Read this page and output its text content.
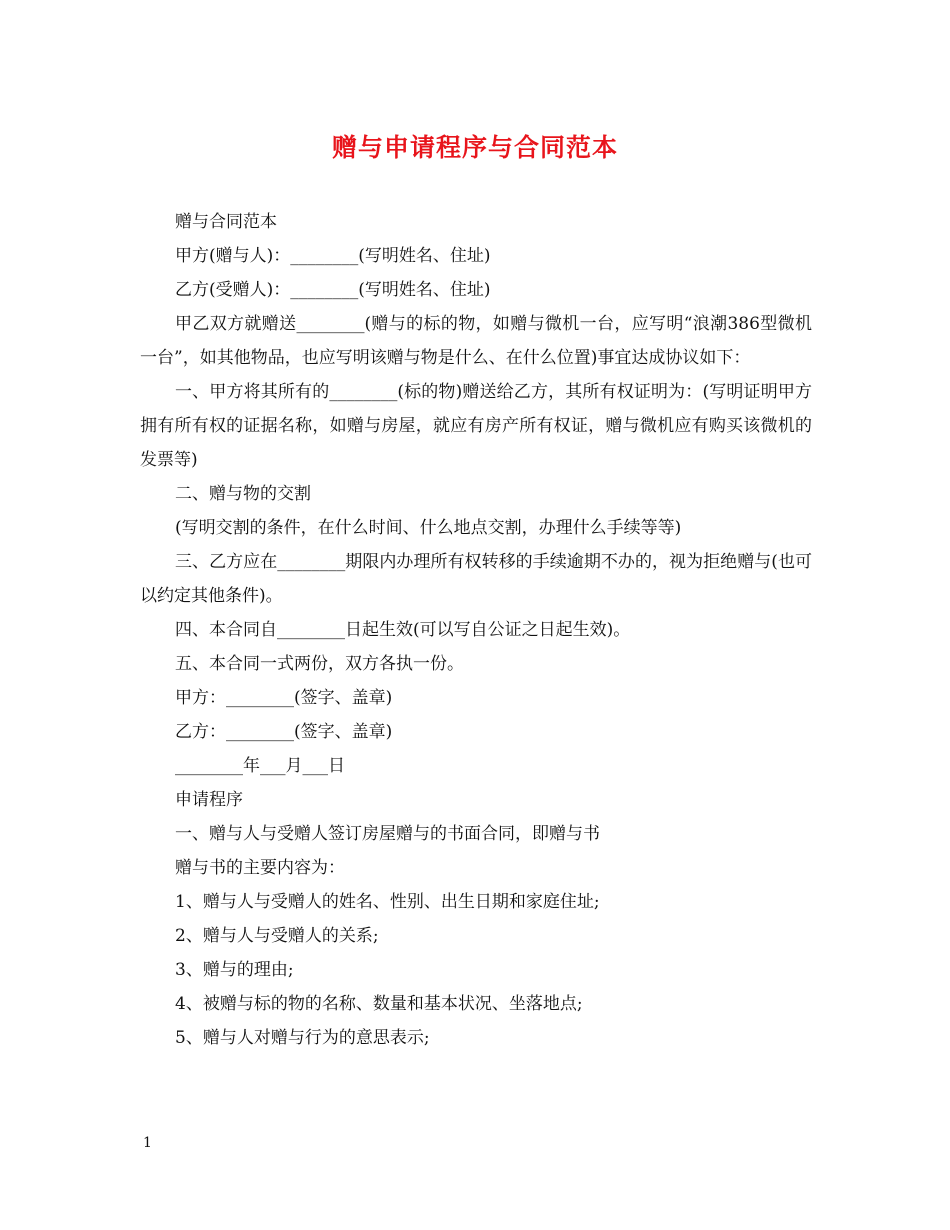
赠与申请程序与合同范本

赠与合同范本

甲方(赠与人)：________(写明姓名、住址)

乙方(受赠人)：________(写明姓名、住址)

甲乙双方就赠送________(赠与的标的物，如赠与微机一台，应写明“浪潮386型微机一台”，如其他物品，也应写明该赠与物是什么、在什么位置)事宜达成协议如下：

一、甲方将其所有的________(标的物)赠送给乙方，其所有权证明为：(写明证明甲方拥有所有权的证据名称，如赠与房屋，就应有房产所有权证，赠与微机应有购买该微机的发票等)

二、赠与物的交割

(写明交割的条件，在什么时间、什么地点交割，办理什么手续等等)

三、乙方应在________期限内办理所有权转移的手续逾期不办的，视为拒绝赠与(也可以约定其他条件)。

四、本合同自________日起生效(可以写自公证之日起生效)。

五、本合同一式两份，双方各执一份。

甲方：________(签字、盖章)

乙方：________(签字、盖章)

________年___月___日

申请程序

一、赠与人与受赠人签订房屋赠与的书面合同，即赠与书

赠与书的主要内容为：

1、赠与人与受赠人的姓名、性别、出生日期和家庭住址;

2、赠与人与受赠人的关系;

3、赠与的理由;

4、被赠与标的物的名称、数量和基本状况、坐落地点;

5、赠与人对赠与行为的意思表示;

1
